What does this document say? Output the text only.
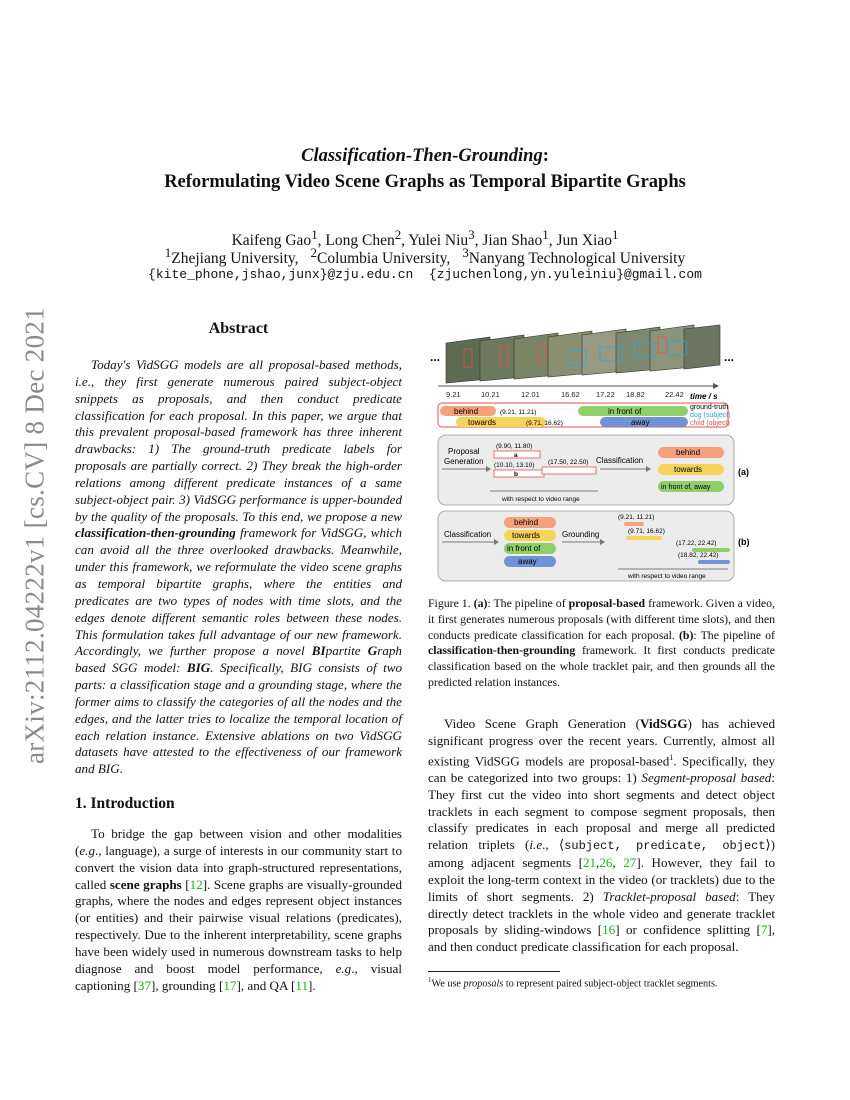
arXiv:2112.04222v1 [cs.CV] 8 Dec 2021
Classification-Then-Grounding:
Reformulating Video Scene Graphs as Temporal Bipartite Graphs
Kaifeng Gao$^1$, Long Chen$^2$, Yulei Niu$^3$, Jian Shao$^1$, Jun Xiao$^1$
$^1$Zhejiang University, $^2$Columbia University, $^3$Nanyang Technological University
{kite_phone,jshao,junx}@zju.edu.cn {zjuchenlong,yn.yuleiniu}@gmail.com
Abstract

Today's VidSGG models are all proposal-based methods, i.e., they first generate numerous paired subject-object snippets as proposals, and then conduct predicate classification for each proposal. In this paper, we argue that this prevalent proposal-based framework has three inherent drawbacks: 1) The ground-truth predicate labels for proposals are partially correct. 2) They break the high-order relations among different predicate instances of a same subject-object pair. 3) VidSGG performance is upper-bounded by the quality of the proposals. To this end, we propose a new classification-then-grounding framework for VidSGG, which can avoid all the three overlooked drawbacks. Meanwhile, under this framework, we reformulate the video scene graphs as temporal bipartite graphs, where the entities and predicates are two types of nodes with time slots, and the edges denote different semantic roles between these nodes. This formulation takes full advantage of our new framework. Accordingly, we further propose a novel BIpartite Graph based SGG model: BIG. Specifically, BIG consists of two parts: a classification stage and a grounding stage, where the former aims to classify the categories of all the nodes and the edges, and the latter tries to localize the temporal location of each relation instance. Extensive ablations on two VidSGG datasets have attested to the effectiveness of our framework and BIG.

1. Introduction

To bridge the gap between vision and other modalities (e.g., language), a surge of interests in our community start to convert the vision data into graph-structured representations, called scene graphs [12]. Scene graphs are visually-grounded graphs, where the nodes and edges represent object instances (or entities) and their pairwise visual relations (predicates), respectively. Due to the inherent interpretability, scene graphs have been widely used in numerous downstream tasks to help diagnose and boost model performance, e.g., visual captioning [37], grounding [17], and QA [11].

...	...
9.21	10.21	12.01	16.62 17.22 18.82	22.42 time / s
behind	(9.21, 11.21)	in front of
towards	(9.71, 16.62)	away
ground-truth
dog (subject)
child (object)
Proposal
Generation
(9.90, 11.80)
a
(10.10, 13.10)
b
(17.50, 22.50)
with respect to video range
Classification
behind
towards
in front of, away
(a)
Classification
behind
towards
in front of
away
Grounding
(9.21, 11.21)
(9.71, 16.62)
(17.22, 22.42)
(18.82, 22.42)
with respect to video range
(b)
Figure 1. (a): The pipeline of proposal-based framework. Given a video, it first generates numerous proposals (with different time slots), and then conducts predicate classification for each proposal. (b): The pipeline of classification-then-grounding framework. It first conducts predicate classification based on the whole tracklet pair, and then grounds all the predicted relation instances.

Video Scene Graph Generation (VidSGG) has achieved significant progress over the recent years. Currently, almost all existing VidSGG models are proposal-based$^1$. Specifically, they can be categorized into two groups: 1) Segment-proposal based: They first cut the video into short segments and detect object tracklets in each segment to compose segment proposals, then classify predicates in each proposal and merge all predicted relation triplets (i.e., ⟨subject, predicate, object⟩) among adjacent segments [21,26, 27]. However, they fail to exploit the long-term context in the video (or tracklets) due to the limits of short segments. 2) Tracklet-proposal based: They directly detect tracklets in the whole video and generate tracklet proposals by sliding-windows [16] or confidence splitting [7], and then conduct predicate classification for each proposal.

$^1$We use proposals to represent paired subject-object tracklet segments.
